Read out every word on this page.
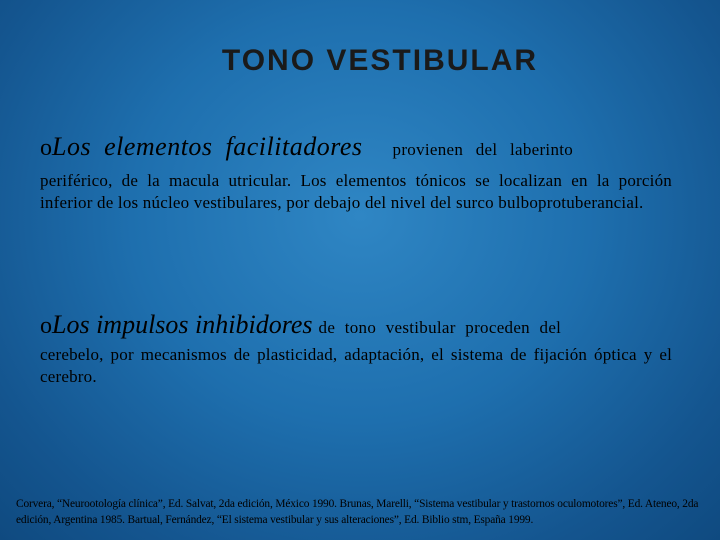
TONO VESTIBULAR
oLos elementos facilitadores provienen del laberinto
periférico, de la macula utricular. Los elementos tónicos se localizan en la porción inferior de los núcleo vestibulares, por debajo del nivel del surco bulboprotuberancial.
oLos impulsos inhibidores de tono vestibular proceden del
cerebelo, por mecanismos de plasticidad, adaptación, el sistema de fijación óptica y el cerebro.
Corvera, “Neurootología clínica”, Ed. Salvat, 2da edición, México 1990. Brunas, Marelli, “Sistema vestibular y trastornos oculomotores”, Ed. Ateneo, 2da edición, Argentina 1985. Bartual, Fernández, “El sistema vestibular y sus alteraciones”, Ed. Biblio stm, España 1999.
